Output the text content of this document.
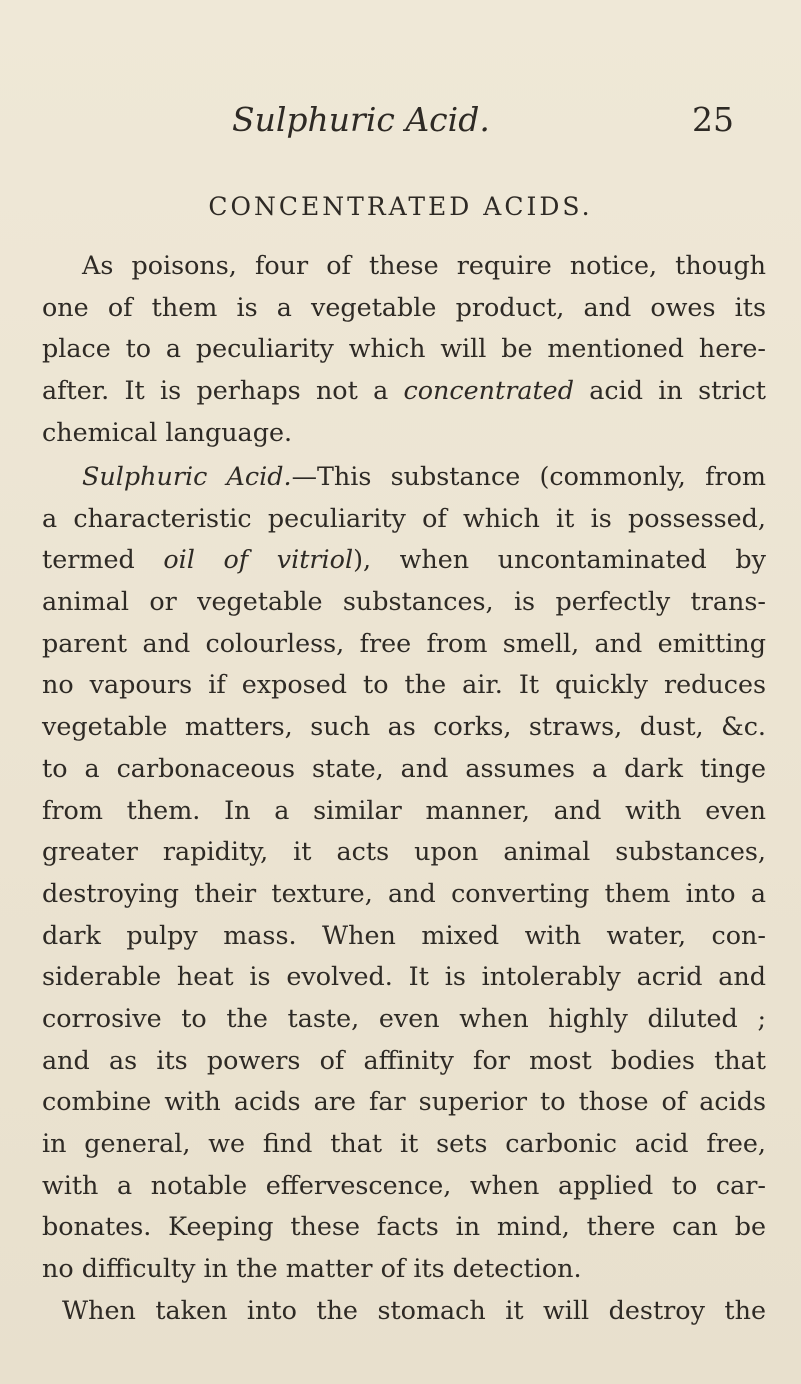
Sulphuric Acid.	25
CONCENTRATED ACIDS.
As poisons, four of these require notice, though
one of them is a vegetable product, and owes its
place to a peculiarity which will be mentioned here-
after. It is perhaps not a concentrated acid in strict
chemical language.
Sulphuric Acid.—This substance (commonly, from
a characteristic peculiarity of which it is possessed,
termed oil of vitriol), when uncontaminated by
animal or vegetable substances, is perfectly trans-
parent and colourless, free from smell, and emitting
no vapours if exposed to the air. It quickly reduces
vegetable matters, such as corks, straws, dust, &c.
to a carbonaceous state, and assumes a dark tinge
from them. In a similar manner, and with even
greater rapidity, it acts upon animal substances,
destroying their texture, and converting them into a
dark pulpy mass. When mixed with water, con-
siderable heat is evolved. It is intolerably acrid and
corrosive to the taste, even when highly diluted ;
and as its powers of affinity for most bodies that
combine with acids are far superior to those of acids
in general, we find that it sets carbonic acid free,
with a notable effervescence, when applied to car-
bonates. Keeping these facts in mind, there can be
no difficulty in the matter of its detection.
When taken into the stomach it will destroy the
